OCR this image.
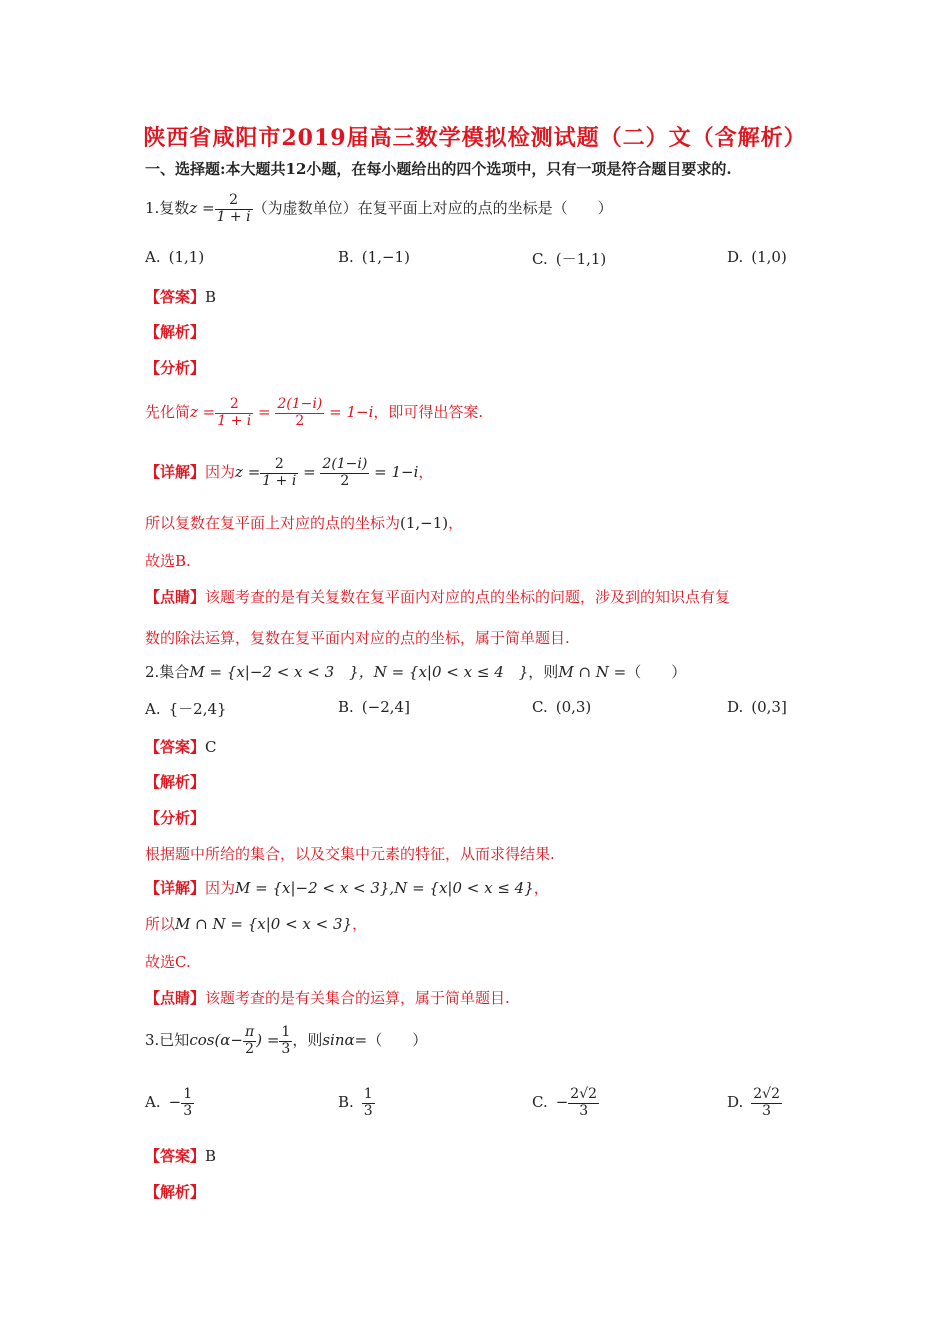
陕西省咸阳市2019届高三数学模拟检测试题（二）文（含解析）
一、选择题:本大题共12小题，在每小题给出的四个选项中，只有一项是符合题目要求的.
1.复数$z = \frac{2}{1 + i}$ （为虚数单位）在复平面上对应的点的坐标是（　　）
A. (1,1)	B. (1,−1)	C. (－1,1)	D. (1,0)
【答案】B
【解析】
【分析】
先化简$z = \frac{2}{1 + i} = \frac{2(1-i)}{2} = 1-i$，即可得出答案.
【详解】因为$z = \frac{2}{1 + i} = \frac{2(1-i)}{2} = 1-i$，
所以复数在复平面上对应的点的坐标为(1,−1)，
故选B.
【点睛】该题考查的是有关复数在复平面内对应的点的坐标的问题，涉及到的知识点有复
数的除法运算，复数在复平面内对应的点的坐标，属于简单题目.
2.集合M = {x|−2 < x < 3　}，N = {x|0 < x ≤ 4　}，则M ∩ N =（　　）
A. {－2,4}	B. (−2,4]	C. (0,3)	D. (0,3]
【答案】C
【解析】
【分析】
根据题中所给的集合，以及交集中元素的特征，从而求得结果.
【详解】因为M = {x|−2 < x < 3},N = {x|0 < x ≤ 4}，
所以M ∩ N = {x|0 < x < 3}，
故选C.
【点睛】该题考查的是有关集合的运算，属于简单题目.
3.已知$\cos(\alpha- \frac{\pi}{2}$ ) = $\frac{1}{3}$ ，则sinα=（　　）
A. − $\frac{1}{3}$	B. $\frac{1}{3}$	C. − $\frac{2√2}{3}$	D. $\frac{2√2}{3}$
【答案】B
【解析】
